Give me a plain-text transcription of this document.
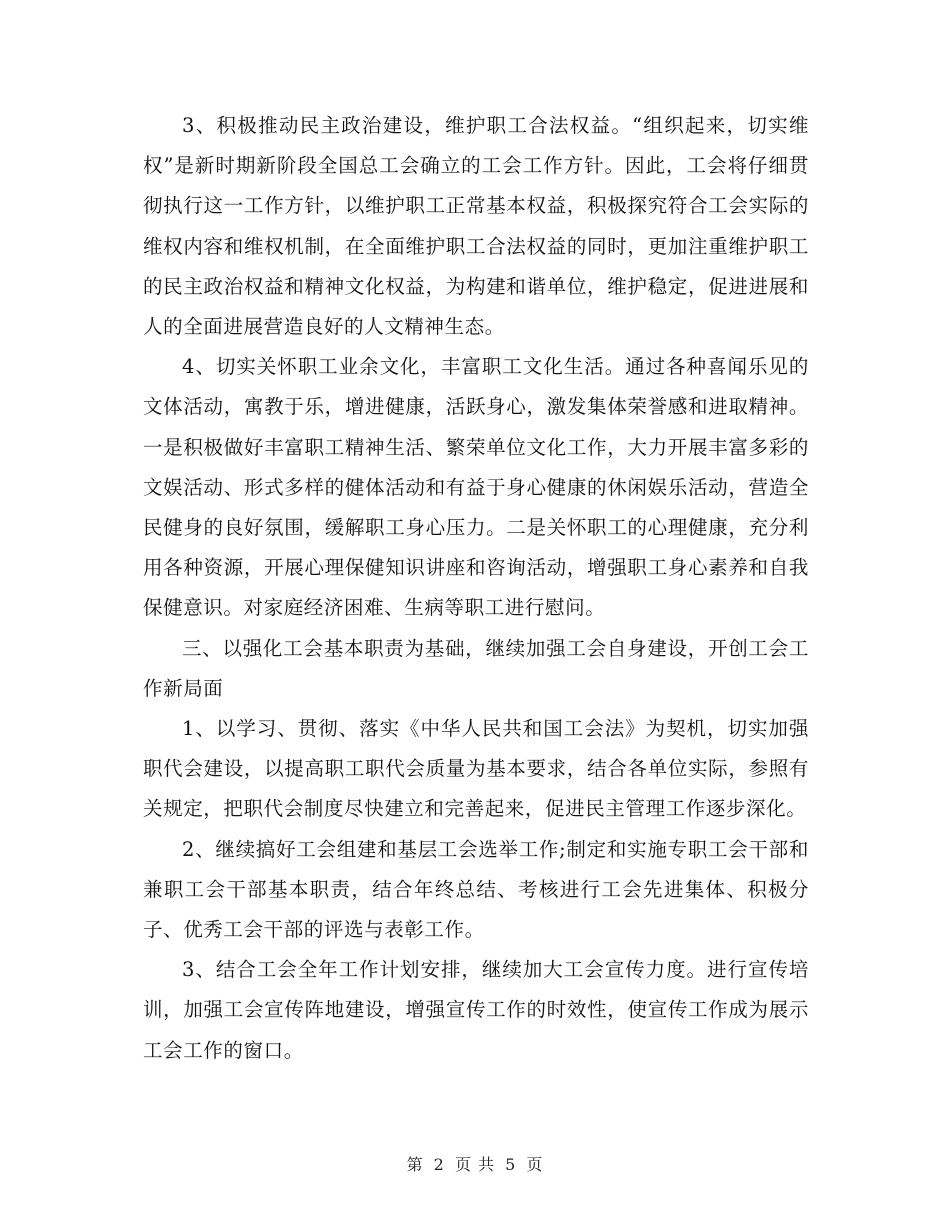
3、积极推动民主政治建设，维护职工合法权益。“组织起来，切实维权”是新时期新阶段全国总工会确立的工会工作方针。因此，工会将仔细贯彻执行这一工作方针，以维护职工正常基本权益，积极探究符合工会实际的维权内容和维权机制，在全面维护职工合法权益的同时，更加注重维护职工的民主政治权益和精神文化权益，为构建和谐单位，维护稳定，促进进展和人的全面进展营造良好的人文精神生态。

4、切实关怀职工业余文化，丰富职工文化生活。通过各种喜闻乐见的文体活动，寓教于乐，增进健康，活跃身心，激发集体荣誉感和进取精神。一是积极做好丰富职工精神生活、繁荣单位文化工作，大力开展丰富多彩的文娱活动、形式多样的健体活动和有益于身心健康的休闲娱乐活动，营造全民健身的良好氛围，缓解职工身心压力。二是关怀职工的心理健康，充分利用各种资源，开展心理保健知识讲座和咨询活动，增强职工身心素养和自我保健意识。对家庭经济困难、生病等职工进行慰问。

三、以强化工会基本职责为基础，继续加强工会自身建设，开创工会工作新局面

1、以学习、贯彻、落实《中华人民共和国工会法》为契机，切实加强职代会建设，以提高职工职代会质量为基本要求，结合各单位实际，参照有关规定，把职代会制度尽快建立和完善起来，促进民主管理工作逐步深化。

2、继续搞好工会组建和基层工会选举工作;制定和实施专职工会干部和兼职工会干部基本职责，结合年终总结、考核进行工会先进集体、积极分子、优秀工会干部的评选与表彰工作。

3、结合工会全年工作计划安排，继续加大工会宣传力度。进行宣传培训，加强工会宣传阵地建设，增强宣传工作的时效性，使宣传工作成为展示工会工作的窗口。

第 2 页 共 5 页
